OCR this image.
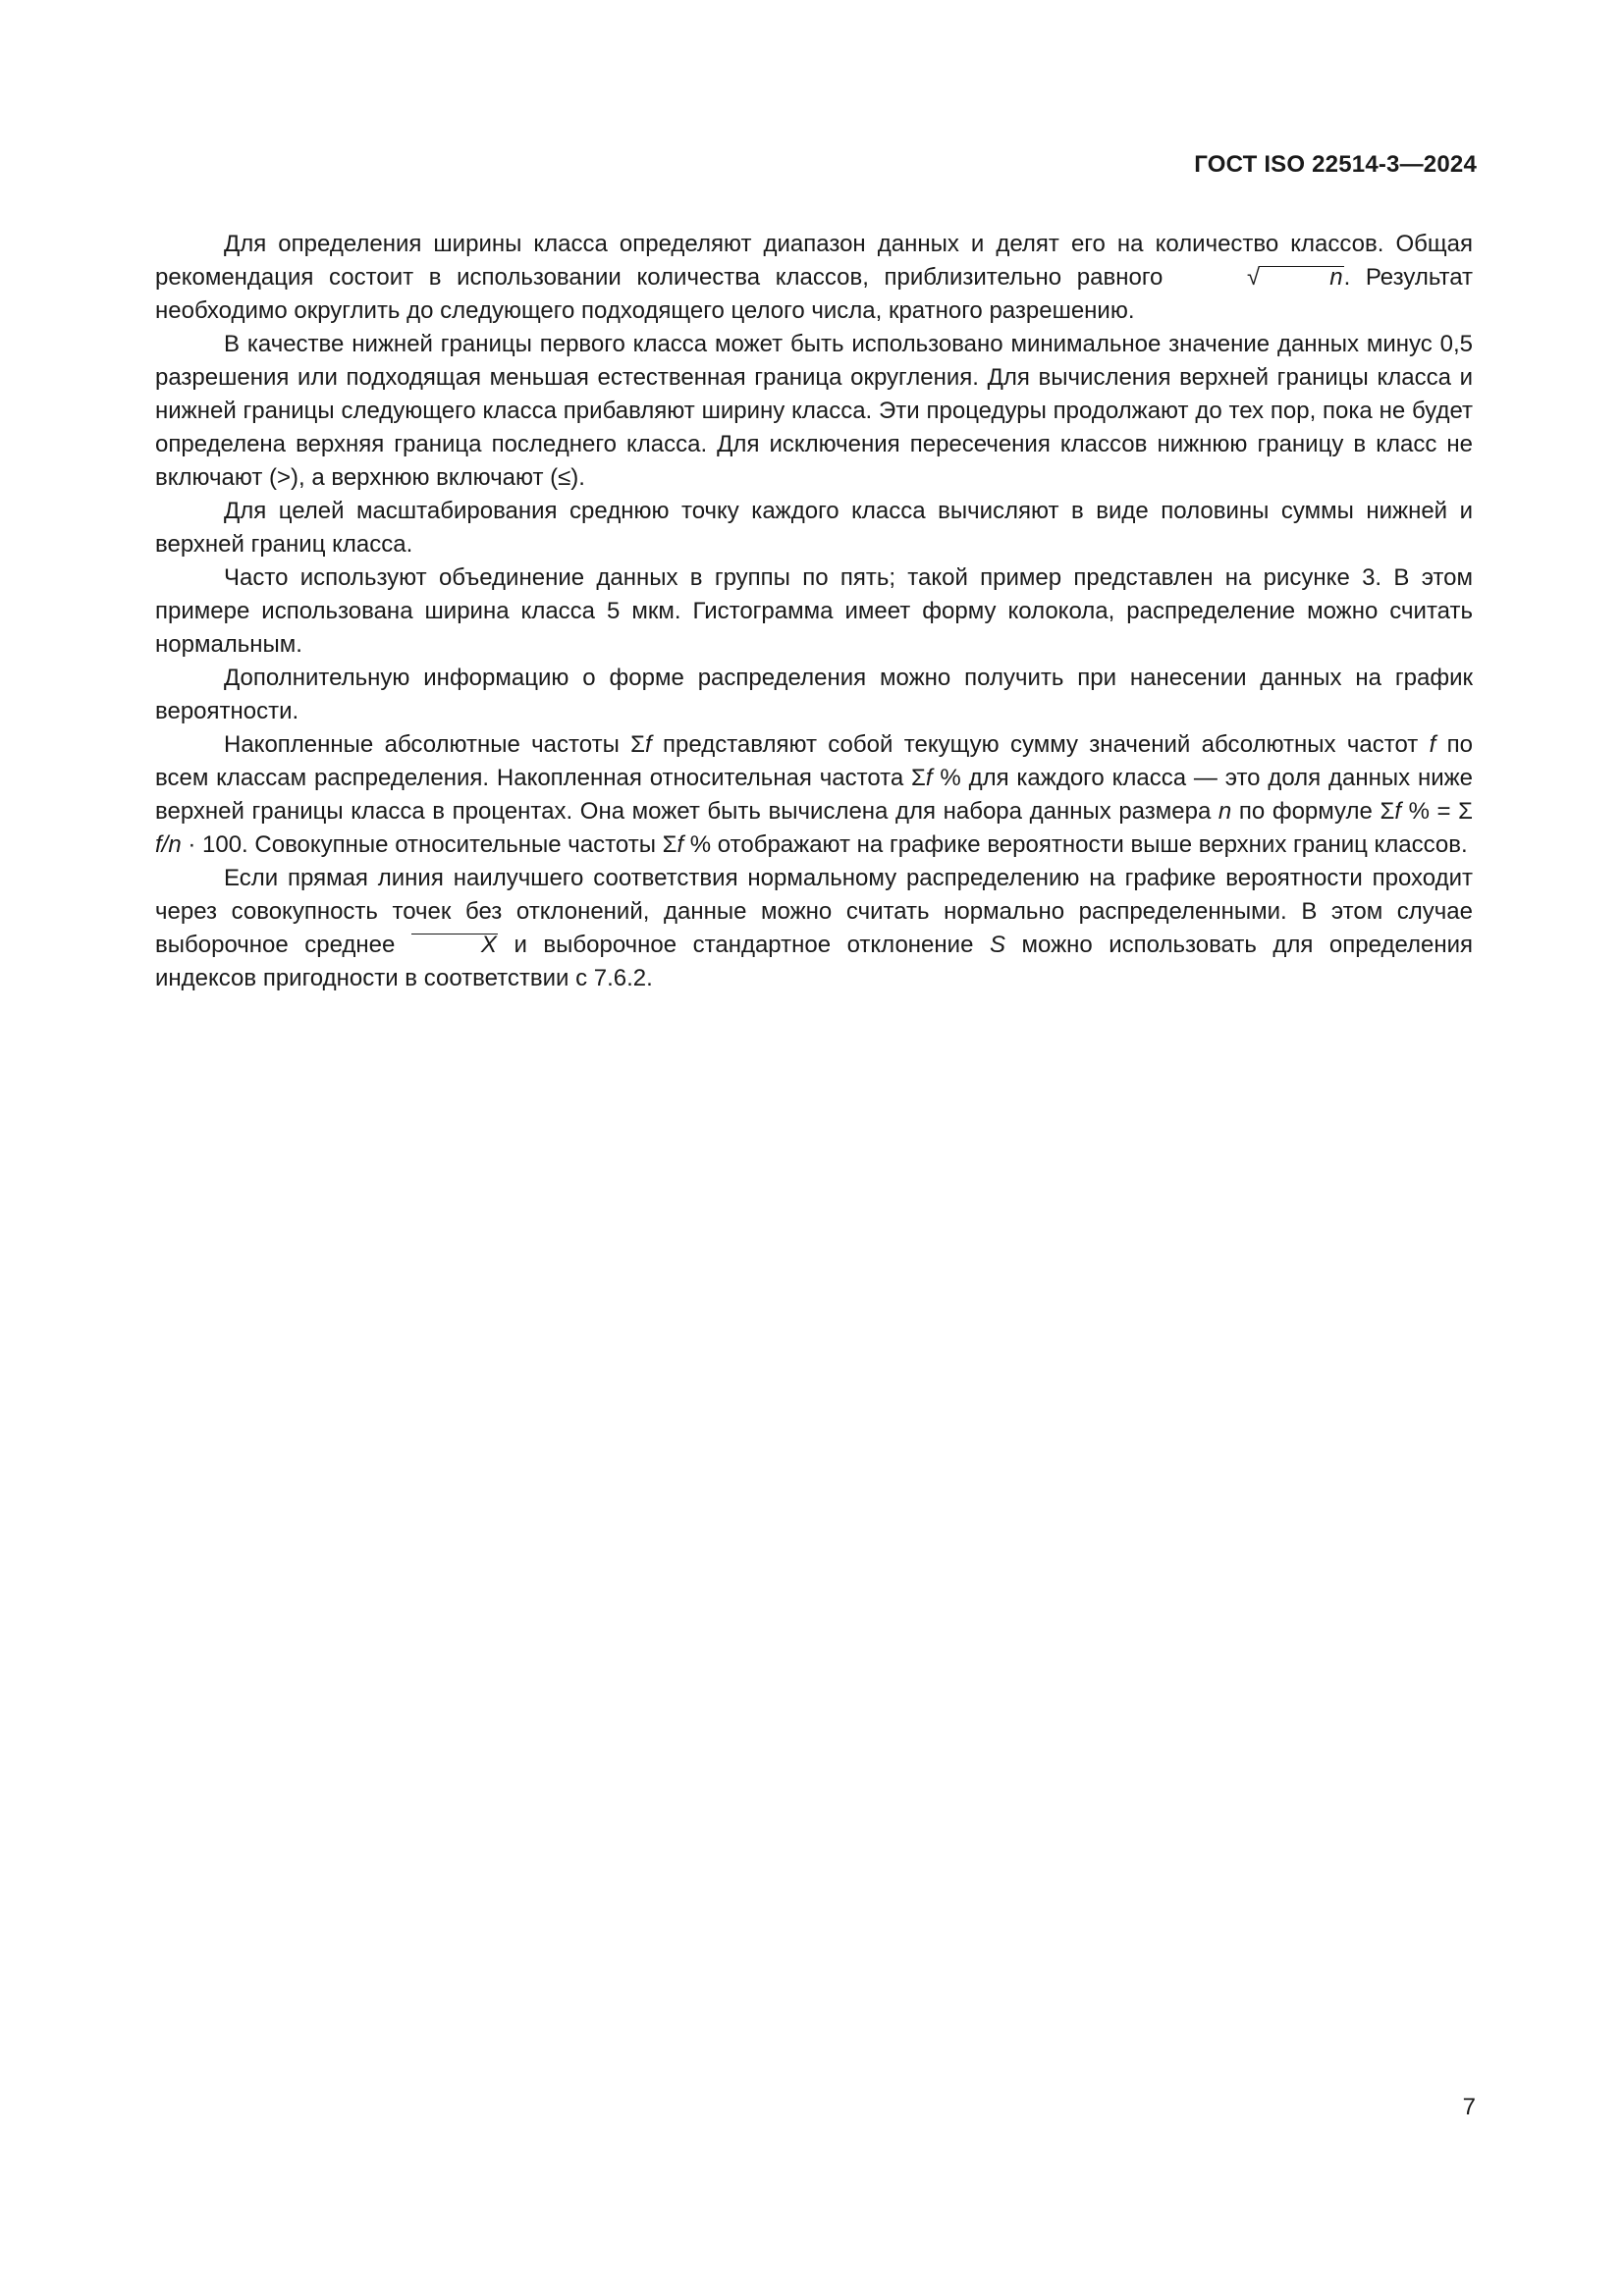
ГОСТ ISO 22514-3—2024

Для определения ширины класса определяют диапазон данных и делят его на количество классов. Общая рекомендация состоит в использовании количества классов, приблизительно равного	√	n. Результат необходимо округлить до следующего подходящего целого числа, кратного разрешению.

В качестве нижней границы первого класса может быть использовано минимальное значение данных минус 0,5 разрешения или подходящая меньшая естественная граница округления. Для вычисления верхней границы класса и нижней границы следующего класса прибавляют ширину класса. Эти процедуры продолжают до тех пор, пока не будет определена верхняя граница последнего класса. Для исключения пересечения классов нижнюю границу в класс не включают (>), а верхнюю включают (≤).

Для целей масштабирования среднюю точку каждого класса вычисляют в виде половины суммы нижней и верхней границ класса.

Часто используют объединение данных в группы по пять; такой пример представлен на рисунке 3. В этом примере использована ширина класса 5 мкм. Гистограмма имеет форму колокола, распределение можно считать нормальным.

Дополнительную информацию о форме распределения можно получить при нанесении данных на график вероятности.

Накопленные абсолютные частоты Σf представляют собой текущую сумму значений абсолютных частот f по всем классам распределения. Накопленная относительная частота Σf % для каждого класса — это доля данных ниже верхней границы класса в процентах. Она может быть вычислена для набора данных размера n по формуле Σf % = Σ f/n · 100. Совокупные относительные частоты Σf % отображают на графике вероятности выше верхних границ классов.

Если прямая линия наилучшего соответствия нормальному распределению на графике вероятности проходит через совокупность точек без отклонений, данные можно считать нормально распределенными. В этом случае выборочное среднее	X и выборочное стандартное отклонение S можно использовать для определения индексов пригодности в соответствии с 7.6.2.

7
